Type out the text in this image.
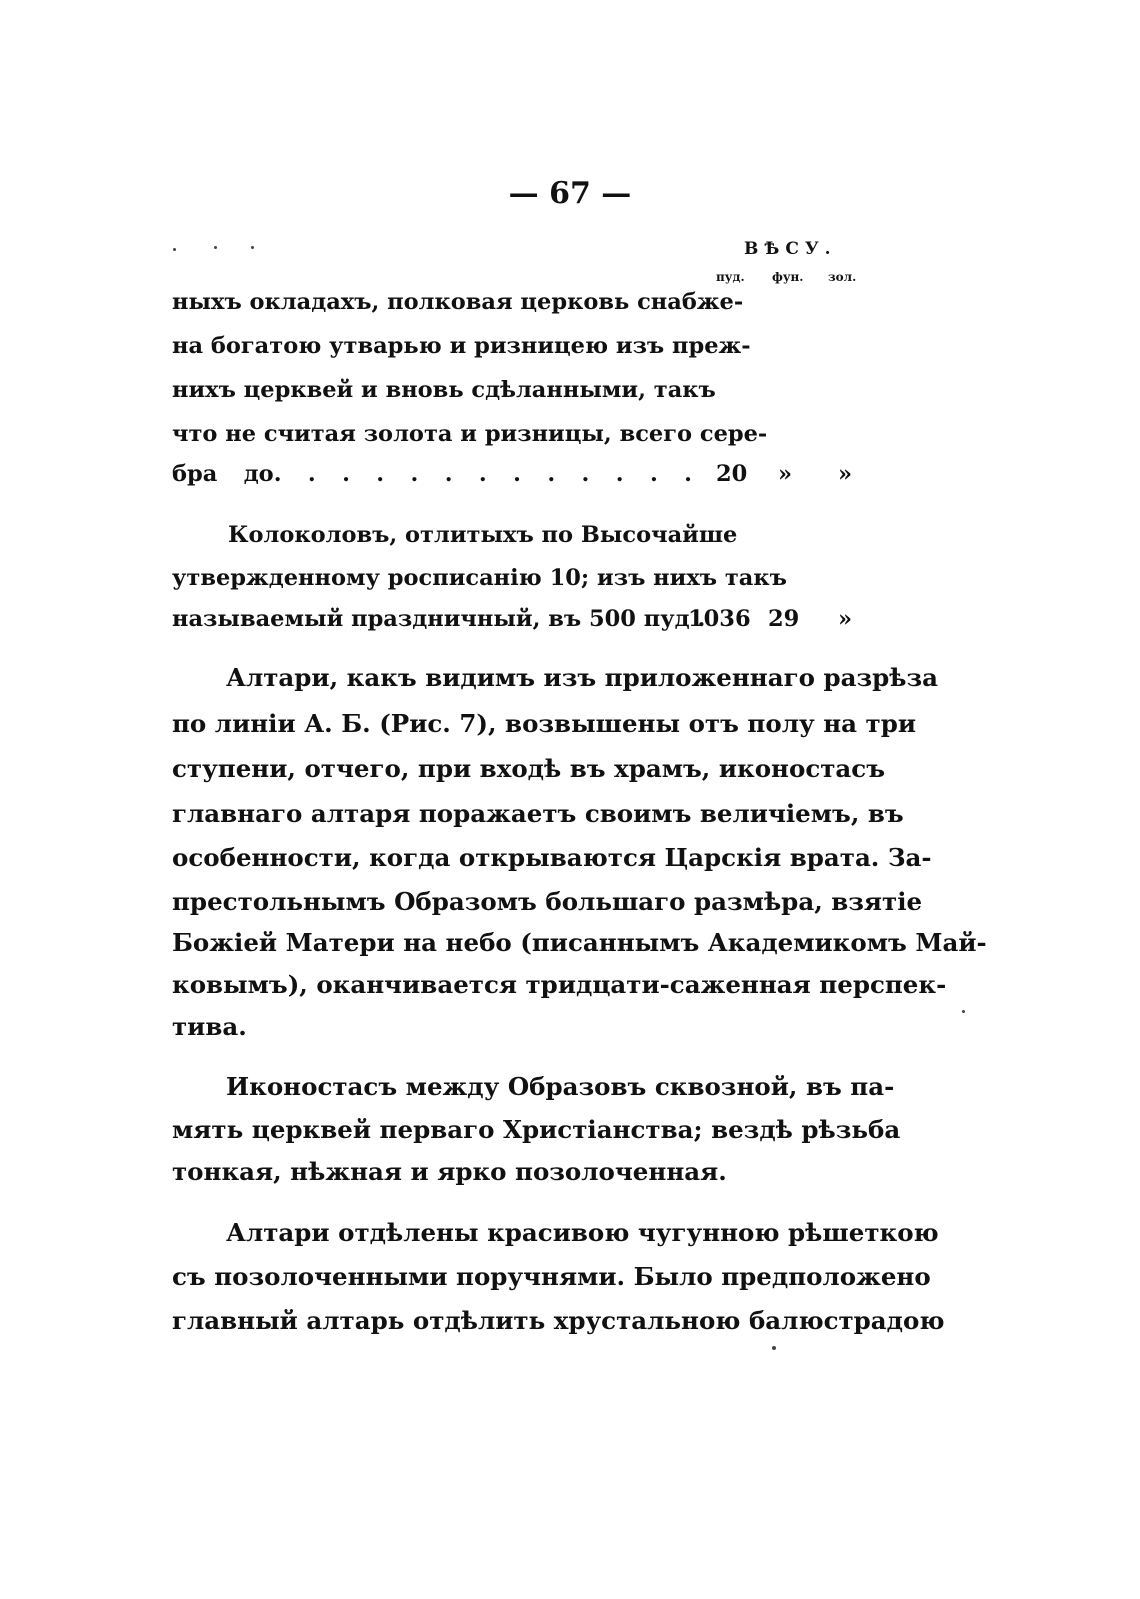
— 67 —
ВѢСУ.
пуд. фун. зол.
ныхъ окладахъ, полковая церковь снабже-
на богатою утварью и ризницею изъ преж-
нихъ церквей и вновь сдѣланными, такъ
что не считая золота и ризницы, всего сере-
бра до. . . . . . . . . . . . . 20 » »
Колоколовъ, отлитыхъ по Высочайше
утвержденному росписанію 10; изъ нихъ такъ
называемый праздничный, въ 500 пуд .
1036 29 »
Алтари, какъ видимъ изъ приложеннаго разрѣза
по линіи А. Б. (Рис. 7), возвышены отъ полу на три
ступени, отчего, при входѣ въ храмъ, иконостасъ
главнаго алтаря поражаетъ своимъ величіемъ, въ
особенности, когда открываются Царскія врата. За-
престольнымъ Образомъ большаго размѣра, взятіе
Божіей Матери на небо (писаннымъ Академикомъ Май-
ковымъ), оканчивается тридцати-саженная перспек-
тива.
Иконостасъ между Образовъ сквозной, въ па-
мять церквей перваго Христіанства; вездѣ рѣзьба
тонкая, нѣжная и ярко позолоченная.
Алтари отдѣлены красивою чугунною рѣшеткою
съ позолоченными поручнями. Было предположено
главный алтарь отдѣлить хрустальною балюстрадою
